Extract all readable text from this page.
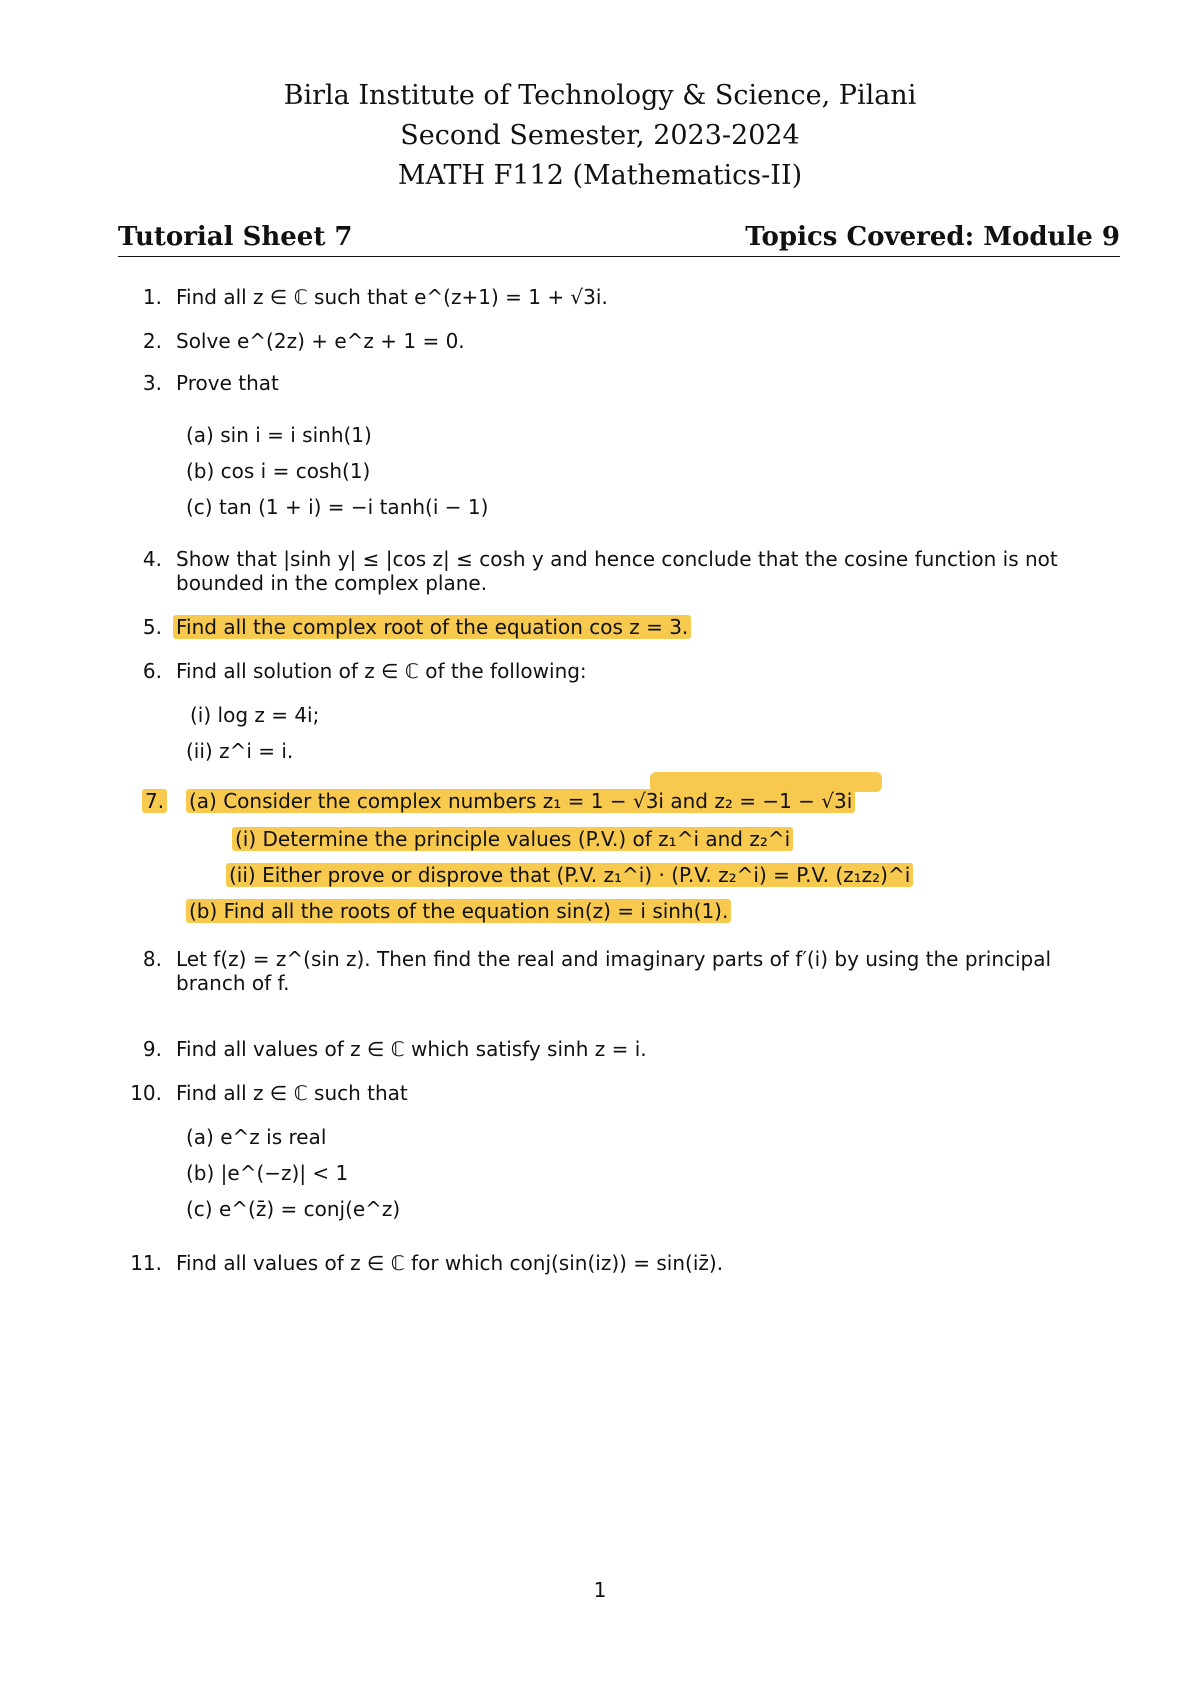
Birla Institute of Technology & Science, Pilani
Second Semester, 2023-2024
MATH F112 (Mathematics-II)
Tutorial Sheet 7	Topics Covered: Module 9
1. Find all z ∈ ℂ such that e^(z+1) = 1 + √3i.
2. Solve e^(2z) + e^z + 1 = 0.
3. Prove that
(a) sin i = i sinh(1)
(b) cos i = cosh(1)
(c) tan (1 + i) = −i tanh(i − 1)
4. Show that |sinh y| ≤ |cos z| ≤ cosh y and hence conclude that the cosine function is not
bounded in the complex plane.
5. Find all the complex root of the equation cos z = 3.
6. Find all solution of z ∈ ℂ of the following:
(i) log z = 4i;
(ii) z^i = i.
7. (a) Consider the complex numbers z₁ = 1 − √3i and z₂ = −1 − √3i
(i) Determine the principle values (P.V.) of z₁^i and z₂^i
(ii) Either prove or disprove that (P.V. z₁^i) · (P.V. z₂^i) = P.V. (z₁z₂)^i
(b) Find all the roots of the equation sin(z) = i sinh(1).
8. Let f(z) = z^(sin z). Then find the real and imaginary parts of f′(i) by using the principal
branch of f.
9. Find all values of z ∈ ℂ which satisfy sinh z = i.
10. Find all z ∈ ℂ such that
(a) e^z is real
(b) |e^(−z)| < 1
(c) e^(z̄) = conj(e^z)
11. Find all values of z ∈ ℂ for which conj(sin(iz)) = sin(iz̄).
1
